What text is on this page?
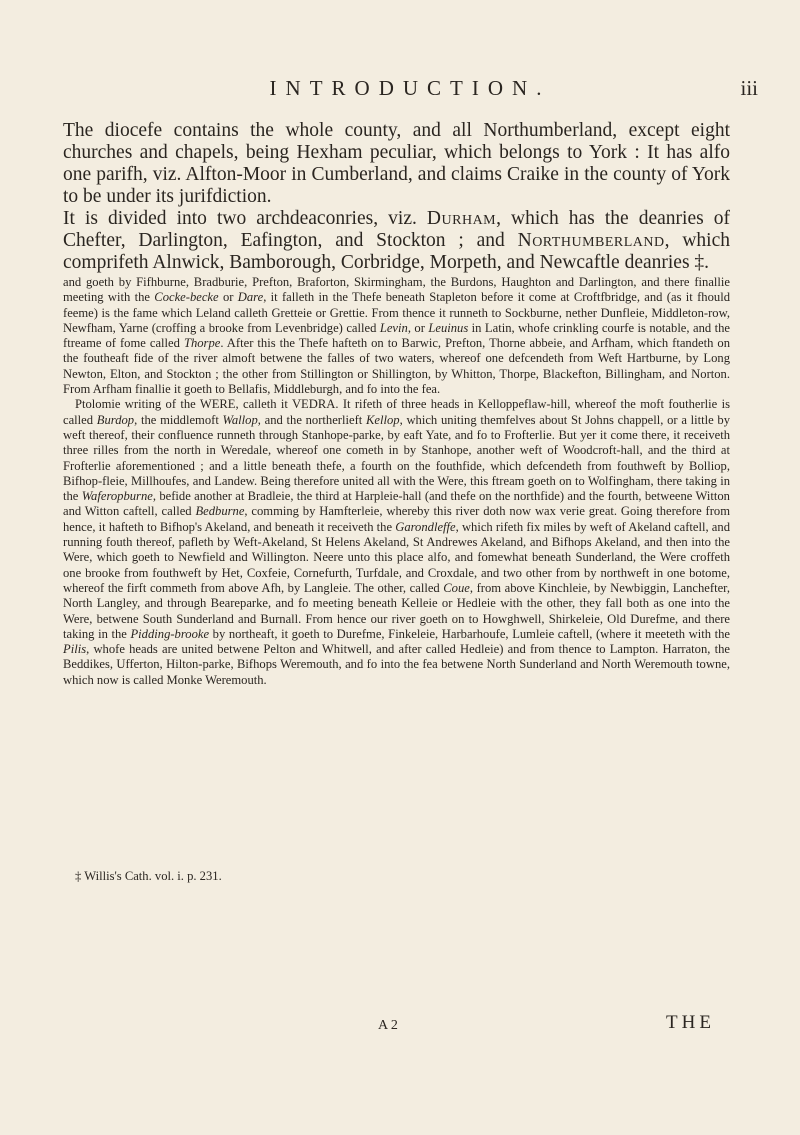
INTRODUCTION.	iii

The diocefe contains the whole county, and all Northumberland, except eight churches and chapels, being Hexham peculiar, which belongs to York : It has alfo one parifh, viz. Alfton-Moor in Cumberland, and claims Craike in the county of York to be under its jurifdiction.

It is divided into two archdeaconries, viz. Durham, which has the deanries of Chefter, Darlington, Eafington, and Stockton ; and Northumberland, which comprifeth Alnwick, Bamborough, Corbridge, Morpeth, and Newcaftle deanries ‡.

and goeth by Fifhburne, Bradburie, Prefton, Braforton, Skirmingham, the Burdons, Haughton and Darlington, and there finallie meeting with the Cocke-becke or Dare, it falleth in the Thefe beneath Stapleton before it come at Croftfbridge, and (as it fhould feeme) is the fame which Leland calleth Gretteie or Grettie. From thence it runneth to Sockburne, nether Dunfleie, Middleton-row, Newfham, Yarne (croffing a brooke from Levenbridge) called Levin, or Leuinus in Latin, whofe crinkling courfe is notable, and the ftreame of fome called Thorpe. After this the Thefe hafteth on to Barwic, Prefton, Thorne abbeie, and Arfham, which ftandeth on the foutheaft fide of the river almoft betwene the falles of two waters, whereof one defcendeth from Weft Hartburne, by Long Newton, Elton, and Stockton ; the other from Stillington or Shillington, by Whitton, Thorpe, Blackefton, Billingham, and Norton. From Arfham finallie it goeth to Bellafis, Middleburgh, and fo into the fea.

Ptolomie writing of the WERE, calleth it VEDRA. It rifeth of three heads in Kelloppeflaw-hill, whereof the moft foutherlie is called Burdop, the middlemoft Wallop, and the northerlieft Kellop, which uniting themfelves about St Johns chappell, or a little by weft thereof, their confluence runneth through Stanhope-parke, by eaft Yate, and fo to Frofterlie. But yer it come there, it receiveth three rilles from the north in Weredale, whereof one cometh in by Stanhope, another weft of Woodcroft-hall, and the third at Frofterlie aforementioned ; and a little beneath thefe, a fourth on the fouthfide, which defcendeth from fouthweft by Bolliop, Bifhop-fleie, Millhoufes, and Landew. Being therefore united all with the Were, this ftream goeth on to Wolfingham, there taking in the Waferopburne, befide another at Bradleie, the third at Harpleie-hall (and thefe on the northfide) and the fourth, betweene Witton and Witton caftell, called Bedburne, comming by Hamfterleie, whereby this river doth now wax verie great. Going therefore from hence, it hafteth to Bifhop's Akeland, and beneath it receiveth the Garondleffe, which rifeth fix miles by weft of Akeland caftell, and running fouth thereof, pafleth by Weft-Akeland, St Helens Akeland, St Andrewes Akeland, and Bifhops Akeland, and then into the Were, which goeth to Newfield and Willington. Neere unto this place alfo, and fomewhat beneath Sunderland, the Were croffeth one brooke from fouthweft by Het, Coxfeie, Cornefurth, Turfdale, and Croxdale, and two other from by northweft in one botome, whereof the firft commeth from above Afh, by Langleie. The other, called Coue, from above Kinchleie, by Newbiggin, Lanchefter, North Langley, and through Beareparke, and fo meeting beneath Kelleie or Hedleie with the other, they fall both as one into the Were, betwene South Sunderland and Burnall. From hence our river goeth on to Howghwell, Shirkeleie, Old Durefme, and there taking in the Pidding-brooke by northeaft, it goeth to Durefme, Finkeleie, Harbarhoufe, Lumleie caftell, (where it meeteth with the Pilis, whofe heads are united betwene Pelton and Whitwell, and after called Hedleie) and from thence to Lampton. Harraton, the Beddikes, Ufferton, Hilton-parke, Bifhops Weremouth, and fo into the fea betwene North Sunderland and North Weremouth towne, which now is called Monke Weremouth.

‡ Willis's Cath. vol. i. p. 231.
A 2	THE
